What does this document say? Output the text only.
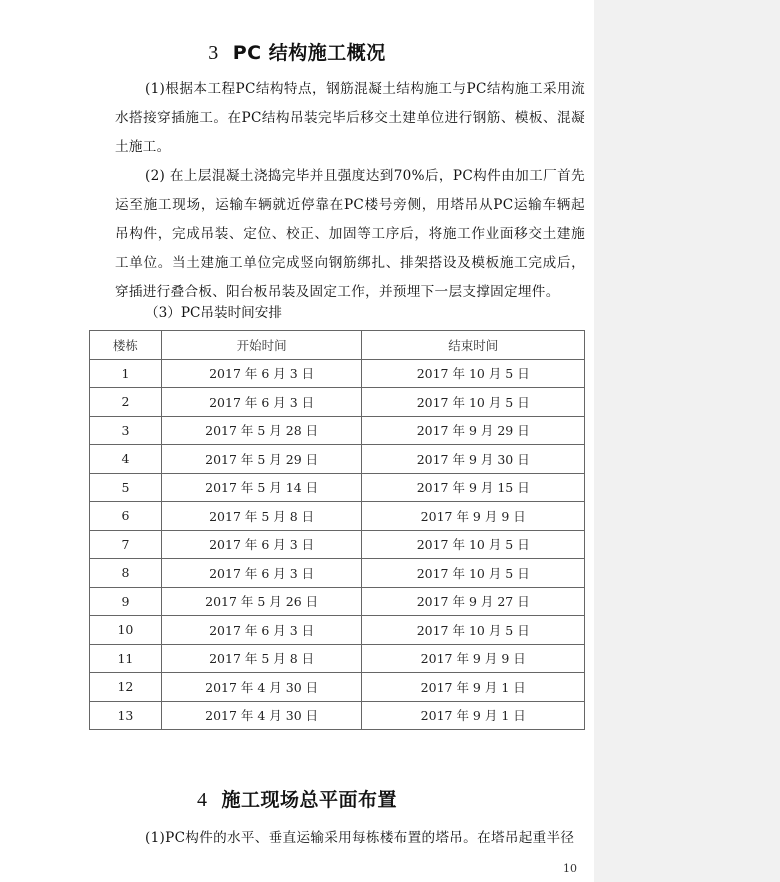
3 PC 结构施工概况
(1)根据本工程PC结构特点，钢筋混凝土结构施工与PC结构施工采用流水搭接穿插施工。在PC结构吊装完毕后移交土建单位进行钢筋、模板、混凝土施工。
(2) 在上层混凝土浇捣完毕并且强度达到70%后，PC构件由加工厂首先运至施工现场，运输车辆就近停靠在PC楼号旁侧，用塔吊从PC运输车辆起吊构件，完成吊装、定位、校正、加固等工序后，将施工作业面移交土建施工单位。当土建施工单位完成竖向钢筋绑扎、排架搭设及模板施工完成后，穿插进行叠合板、阳台板吊装及固定工作，并预埋下一层支撑固定埋件。
（3）PC吊装时间安排
楼栋	开始时间	结束时间
1	2017 年 6 月 3 日	2017 年 10 月 5 日
2	2017 年 6 月 3 日	2017 年 10 月 5 日
3	2017 年 5 月 28 日	2017 年 9 月 29 日
4	2017 年 5 月 29 日	2017 年 9 月 30 日
5	2017 年 5 月 14 日	2017 年 9 月 15 日
6	2017 年 5 月 8 日	2017 年 9 月 9 日
7	2017 年 6 月 3 日	2017 年 10 月 5 日
8	2017 年 6 月 3 日	2017 年 10 月 5 日
9	2017 年 5 月 26 日	2017 年 9 月 27 日
10	2017 年 6 月 3 日	2017 年 10 月 5 日
11	2017 年 5 月 8 日	2017 年 9 月 9 日
12	2017 年 4 月 30 日	2017 年 9 月 1 日
13	2017 年 4 月 30 日	2017 年 9 月 1 日
4 施工现场总平面布置
(1)PC构件的水平、垂直运输采用每栋楼布置的塔吊。在塔吊起重半径
10
